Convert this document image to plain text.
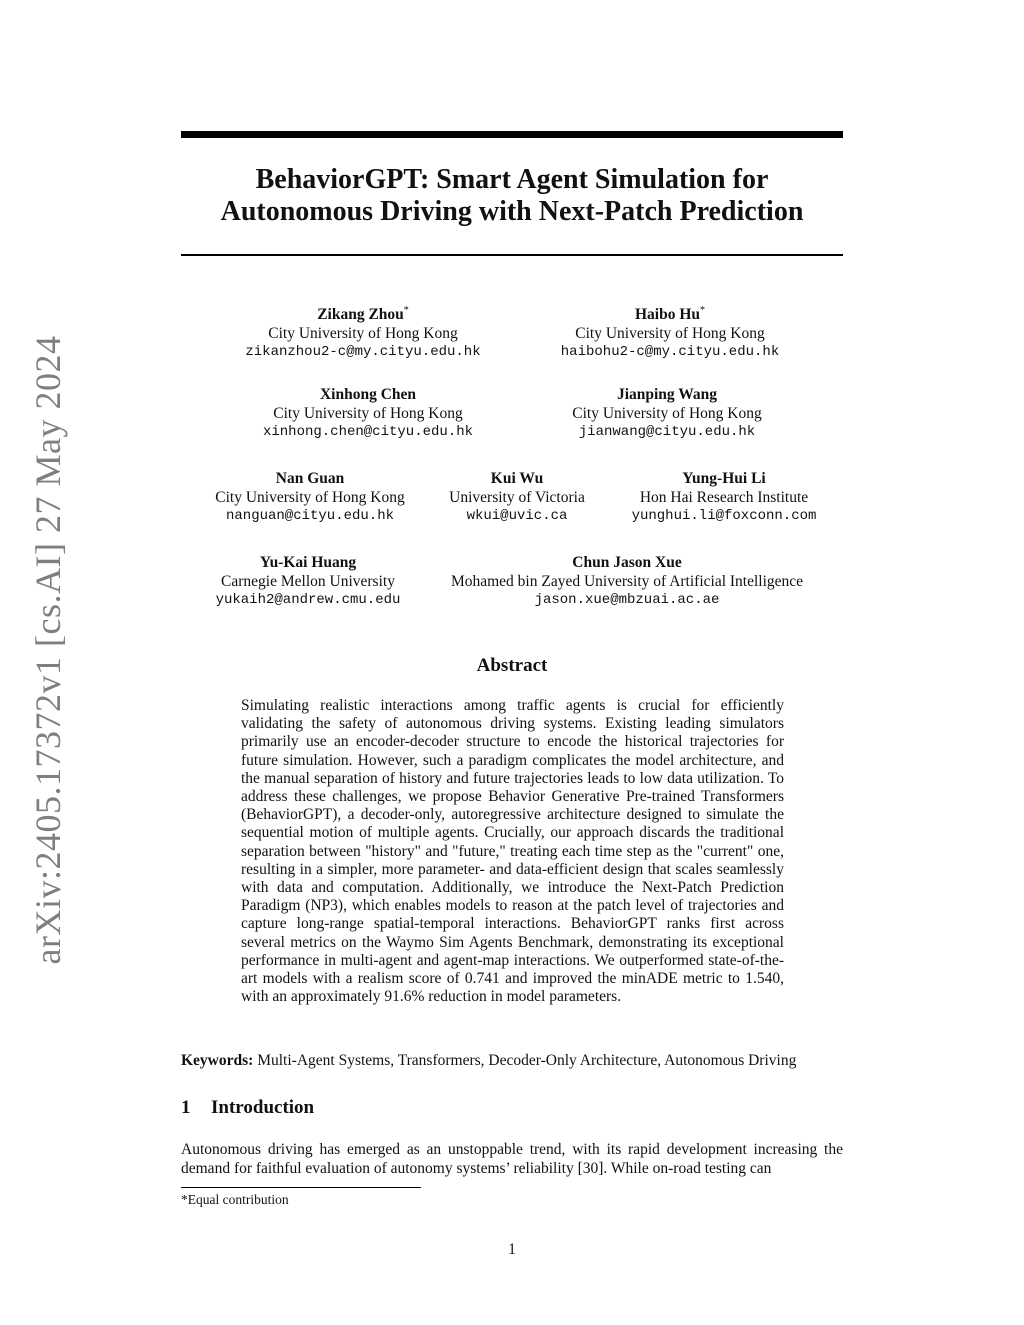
arXiv:2405.17372v1 [cs.AI] 27 May 2024
BehaviorGPT: Smart Agent Simulation for
Autonomous Driving with Next-Patch Prediction
Zikang Zhou*
City University of Hong Kong
zikanzhou2-c@my.cityu.edu.hk
Haibo Hu*
City University of Hong Kong
haibohu2-c@my.cityu.edu.hk
Xinhong Chen
City University of Hong Kong
xinhong.chen@cityu.edu.hk
Jianping Wang
City University of Hong Kong
jianwang@cityu.edu.hk
Nan Guan
City University of Hong Kong
nanguan@cityu.edu.hk
Kui Wu
University of Victoria
wkui@uvic.ca
Yung-Hui Li
Hon Hai Research Institute
yunghui.li@foxconn.com
Yu-Kai Huang
Carnegie Mellon University
yukaih2@andrew.cmu.edu
Chun Jason Xue
Mohamed bin Zayed University of Artificial Intelligence
jason.xue@mbzuai.ac.ae
Abstract

Simulating realistic interactions among traffic agents is crucial for efficiently validating the safety of autonomous driving systems. Existing leading simulators primarily use an encoder-decoder structure to encode the historical trajectories for future simulation. However, such a paradigm complicates the model architecture, and the manual separation of history and future trajectories leads to low data utilization. To address these challenges, we propose Behavior Generative Pre-trained Transformers (BehaviorGPT), a decoder-only, autoregressive architecture designed to simulate the sequential motion of multiple agents. Crucially, our approach discards the traditional separation between "history" and "future," treating each time step as the "current" one, resulting in a simpler, more parameter- and data-efficient design that scales seamlessly with data and computation. Additionally, we introduce the Next-Patch Prediction Paradigm (NP3), which enables models to reason at the patch level of trajectories and capture long-range spatial-temporal interactions. BehaviorGPT ranks first across several metrics on the Waymo Sim Agents Benchmark, demonstrating its exceptional performance in multi-agent and agent-map interactions. We outperformed state-of-the-art models with a realism score of 0.741 and improved the minADE metric to 1.540, with an approximately 91.6% reduction in model parameters.

Keywords: Multi-Agent Systems, Transformers, Decoder-Only Architecture, Autonomous Driving

1 Introduction

Autonomous driving has emerged as an unstoppable trend, with its rapid development increasing the demand for faithful evaluation of autonomy systems’ reliability [30]. While on-road testing can

*Equal contribution

1
